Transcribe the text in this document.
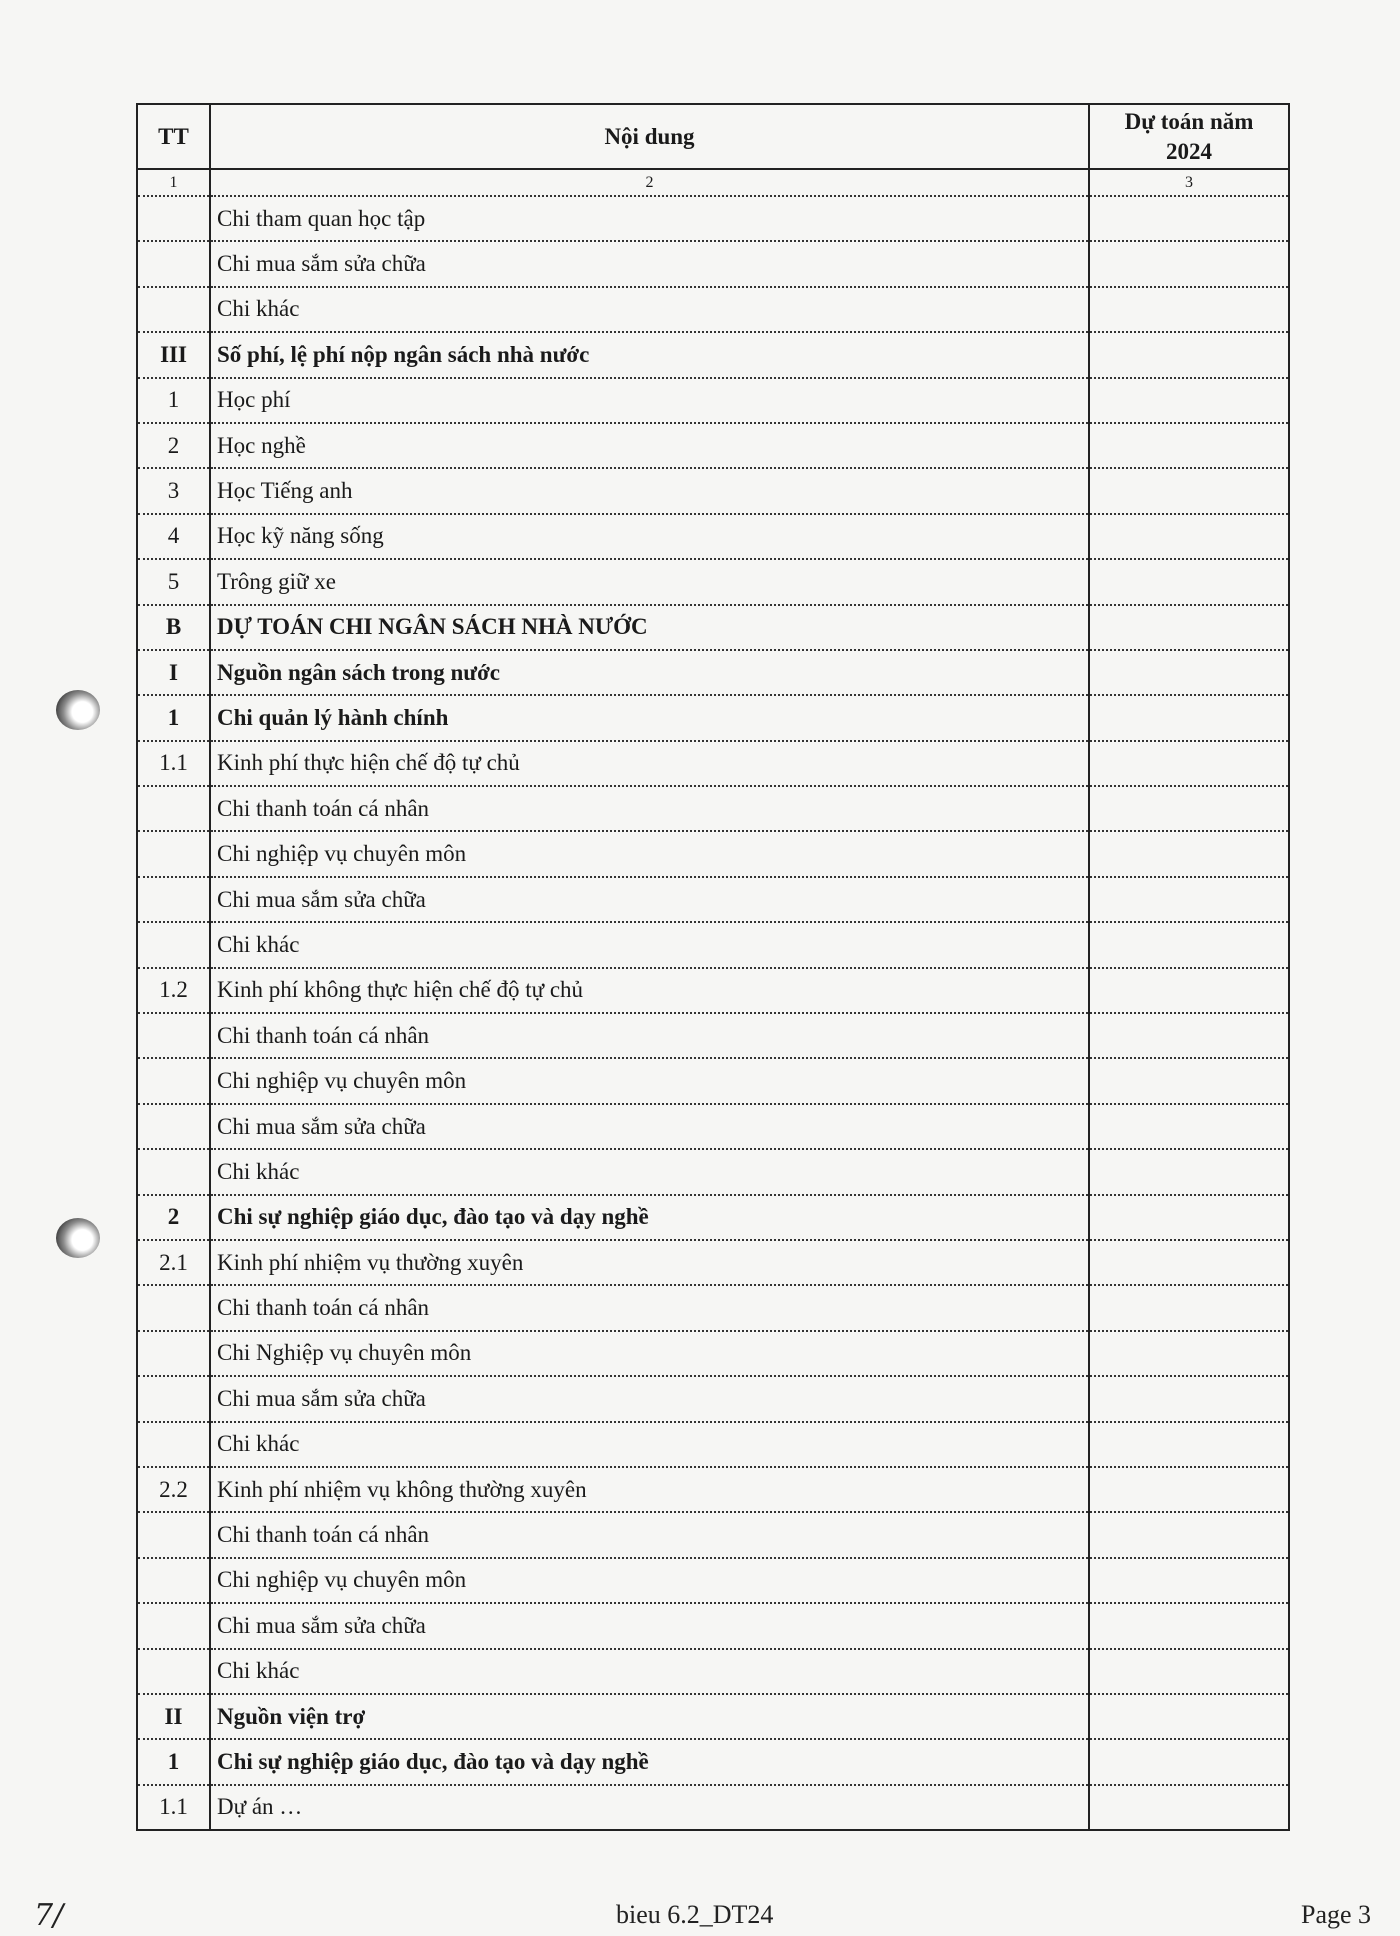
TT	Nội dung	Dự toán năm 2024
1	2	3
	Chi tham quan học tập	
	Chi mua sắm sửa chữa	
	Chi khác	
III	Số phí, lệ phí nộp ngân sách nhà nước	
1	Học phí	
2	Học nghề	
3	Học Tiếng anh	
4	Học kỹ năng sống	
5	Trông giữ xe	
B	DỰ TOÁN CHI NGÂN SÁCH NHÀ NƯỚC	
I	Nguồn ngân sách trong nước	
1	Chi quản lý hành chính	
1.1	Kinh phí thực hiện chế độ tự chủ	
	Chi thanh toán cá nhân	
	Chi nghiệp vụ chuyên môn	
	Chi mua sắm sửa chữa	
	Chi khác	
1.2	Kinh phí không thực hiện chế độ tự chủ	
	Chi thanh toán cá nhân	
	Chi nghiệp vụ chuyên môn	
	Chi mua sắm sửa chữa	
	Chi khác	
2	Chi sự nghiệp giáo dục, đào tạo và dạy nghề	
2.1	Kinh phí nhiệm vụ thường xuyên	
	Chi thanh toán cá nhân	
	Chi Nghiệp vụ chuyên môn	
	Chi mua sắm sửa chữa	
	Chi khác	
2.2	Kinh phí nhiệm vụ không thường xuyên	
	Chi thanh toán cá nhân	
	Chi nghiệp vụ chuyên môn	
	Chi mua sắm sửa chữa	
	Chi khác	
II	Nguồn viện trợ	
1	Chi sự nghiệp giáo dục, đào tạo và dạy nghề	
1.1	Dự án …	
7/	bieu 6.2_DT24	Page 3
